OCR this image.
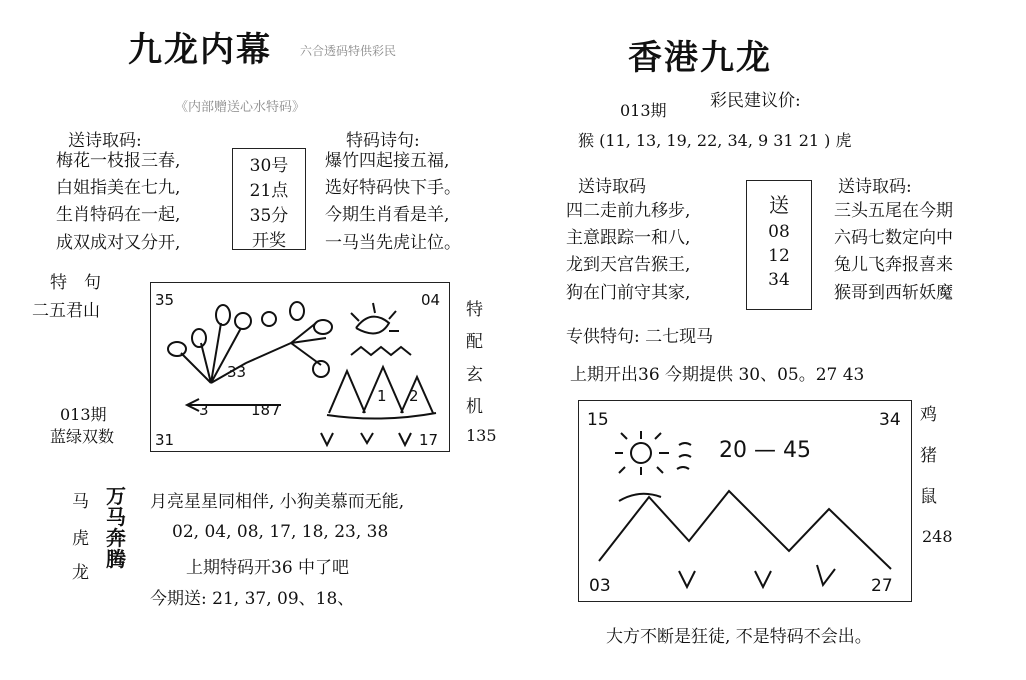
九龙内幕 六合透码特供彩民
《内部赠送心水特码》
送诗取码:
梅花一枝报三春,
白姐指美在七九,
生肖特码在一起,
成双成对又分开,
30号
21点
35分
开奖
特码诗句:
爆竹四起接五福,
选好特码快下手。
今期生肖看是羊,
一马当先虎让位。
特　句
二五君山
013期
蓝绿双数
35	04
31	17
33
3	18 7
1 2
特
配
玄
机
135
马
虎
龙
万马奔腾
月亮星星同相伴, 小狗美慕而无能,
02, 04, 08, 17, 18, 23, 38
上期特码开36 中了吧
今期送: 21, 37, 09、18、
香港九龙
013期	彩民建议价:
猴 (11, 13, 19, 22, 34, 9 31 21 ) 虎
送诗取码
四二走前九移步,
主意跟踪一和八,
龙到天宫告猴王,
狗在门前守其家,
送
08
12
34
送诗取码:
三头五尾在今期
六码七数定向中
兔儿飞奔报喜来
猴哥到西斩妖魔
专供特句: 二七现马
上期开出36 今期提供 30、05。27 43
15	34
03	27
20 — 45
鸡
猪
鼠
248
大方不断是狂徒, 不是特码不会出。
